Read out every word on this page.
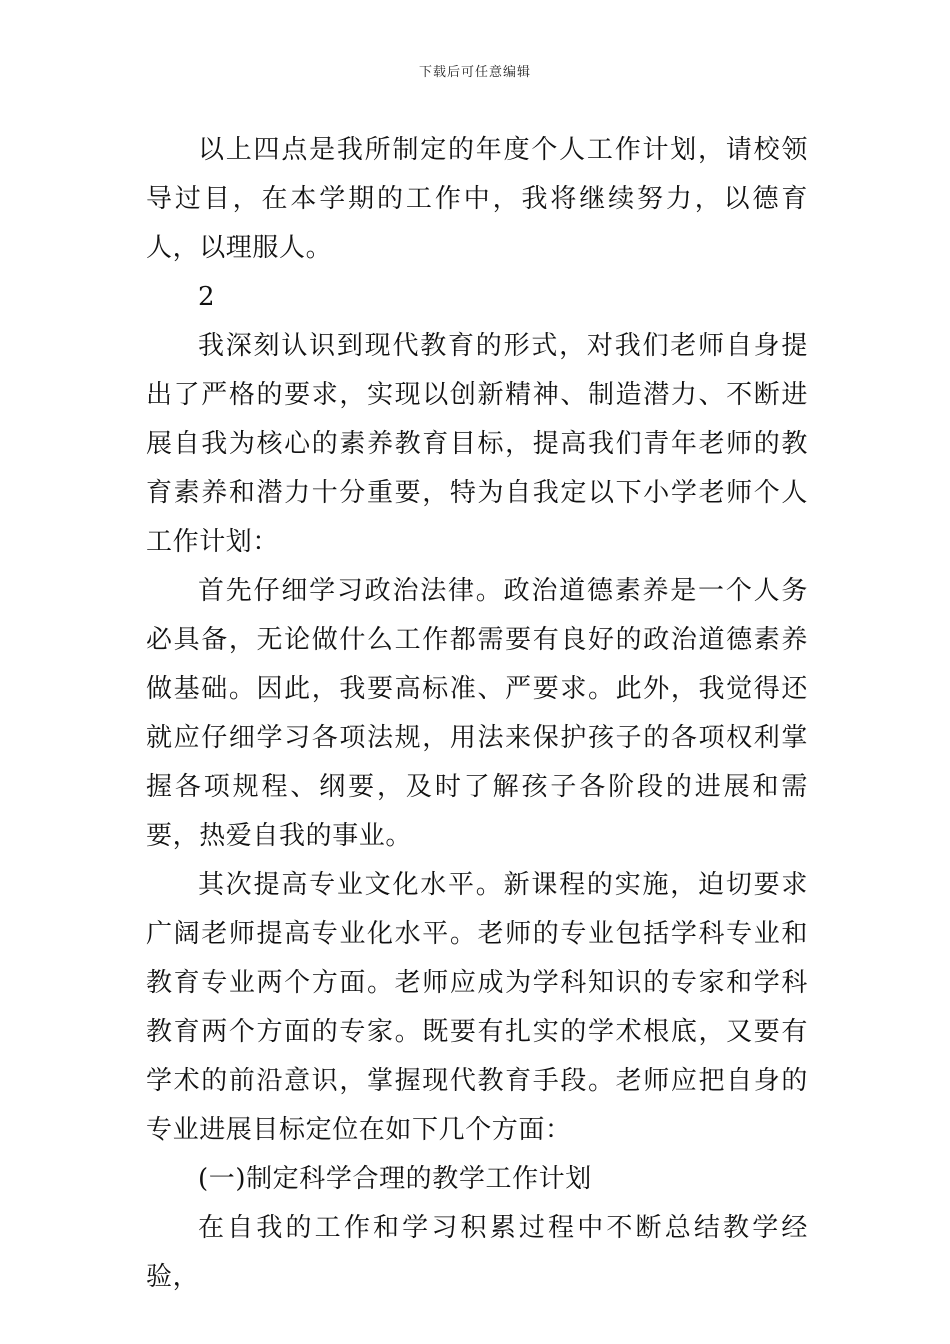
下载后可任意编辑

以上四点是我所制定的年度个人工作计划，请校领导过目，在本学期的工作中，我将继续努力，以德育人，以理服人。

2

我深刻认识到现代教育的形式，对我们老师自身提出了严格的要求，实现以创新精神、制造潜力、不断进展自我为核心的素养教育目标，提高我们青年老师的教育素养和潜力十分重要，特为自我定以下小学老师个人工作计划：

首先仔细学习政治法律。政治道德素养是一个人务必具备，无论做什么工作都需要有良好的政治道德素养做基础。因此，我要高标准、严要求。此外，我觉得还就应仔细学习各项法规，用法来保护孩子的各项权利掌握各项规程、纲要，及时了解孩子各阶段的进展和需要，热爱自我的事业。

其次提高专业文化水平。新课程的实施，迫切要求广阔老师提高专业化水平。老师的专业包括学科专业和教育专业两个方面。老师应成为学科知识的专家和学科教育两个方面的专家。既要有扎实的学术根底，又要有学术的前沿意识，掌握现代教育手段。老师应把自身的专业进展目标定位在如下几个方面：

(一)制定科学合理的教学工作计划

在自我的工作和学习积累过程中不断总结教学经验，
